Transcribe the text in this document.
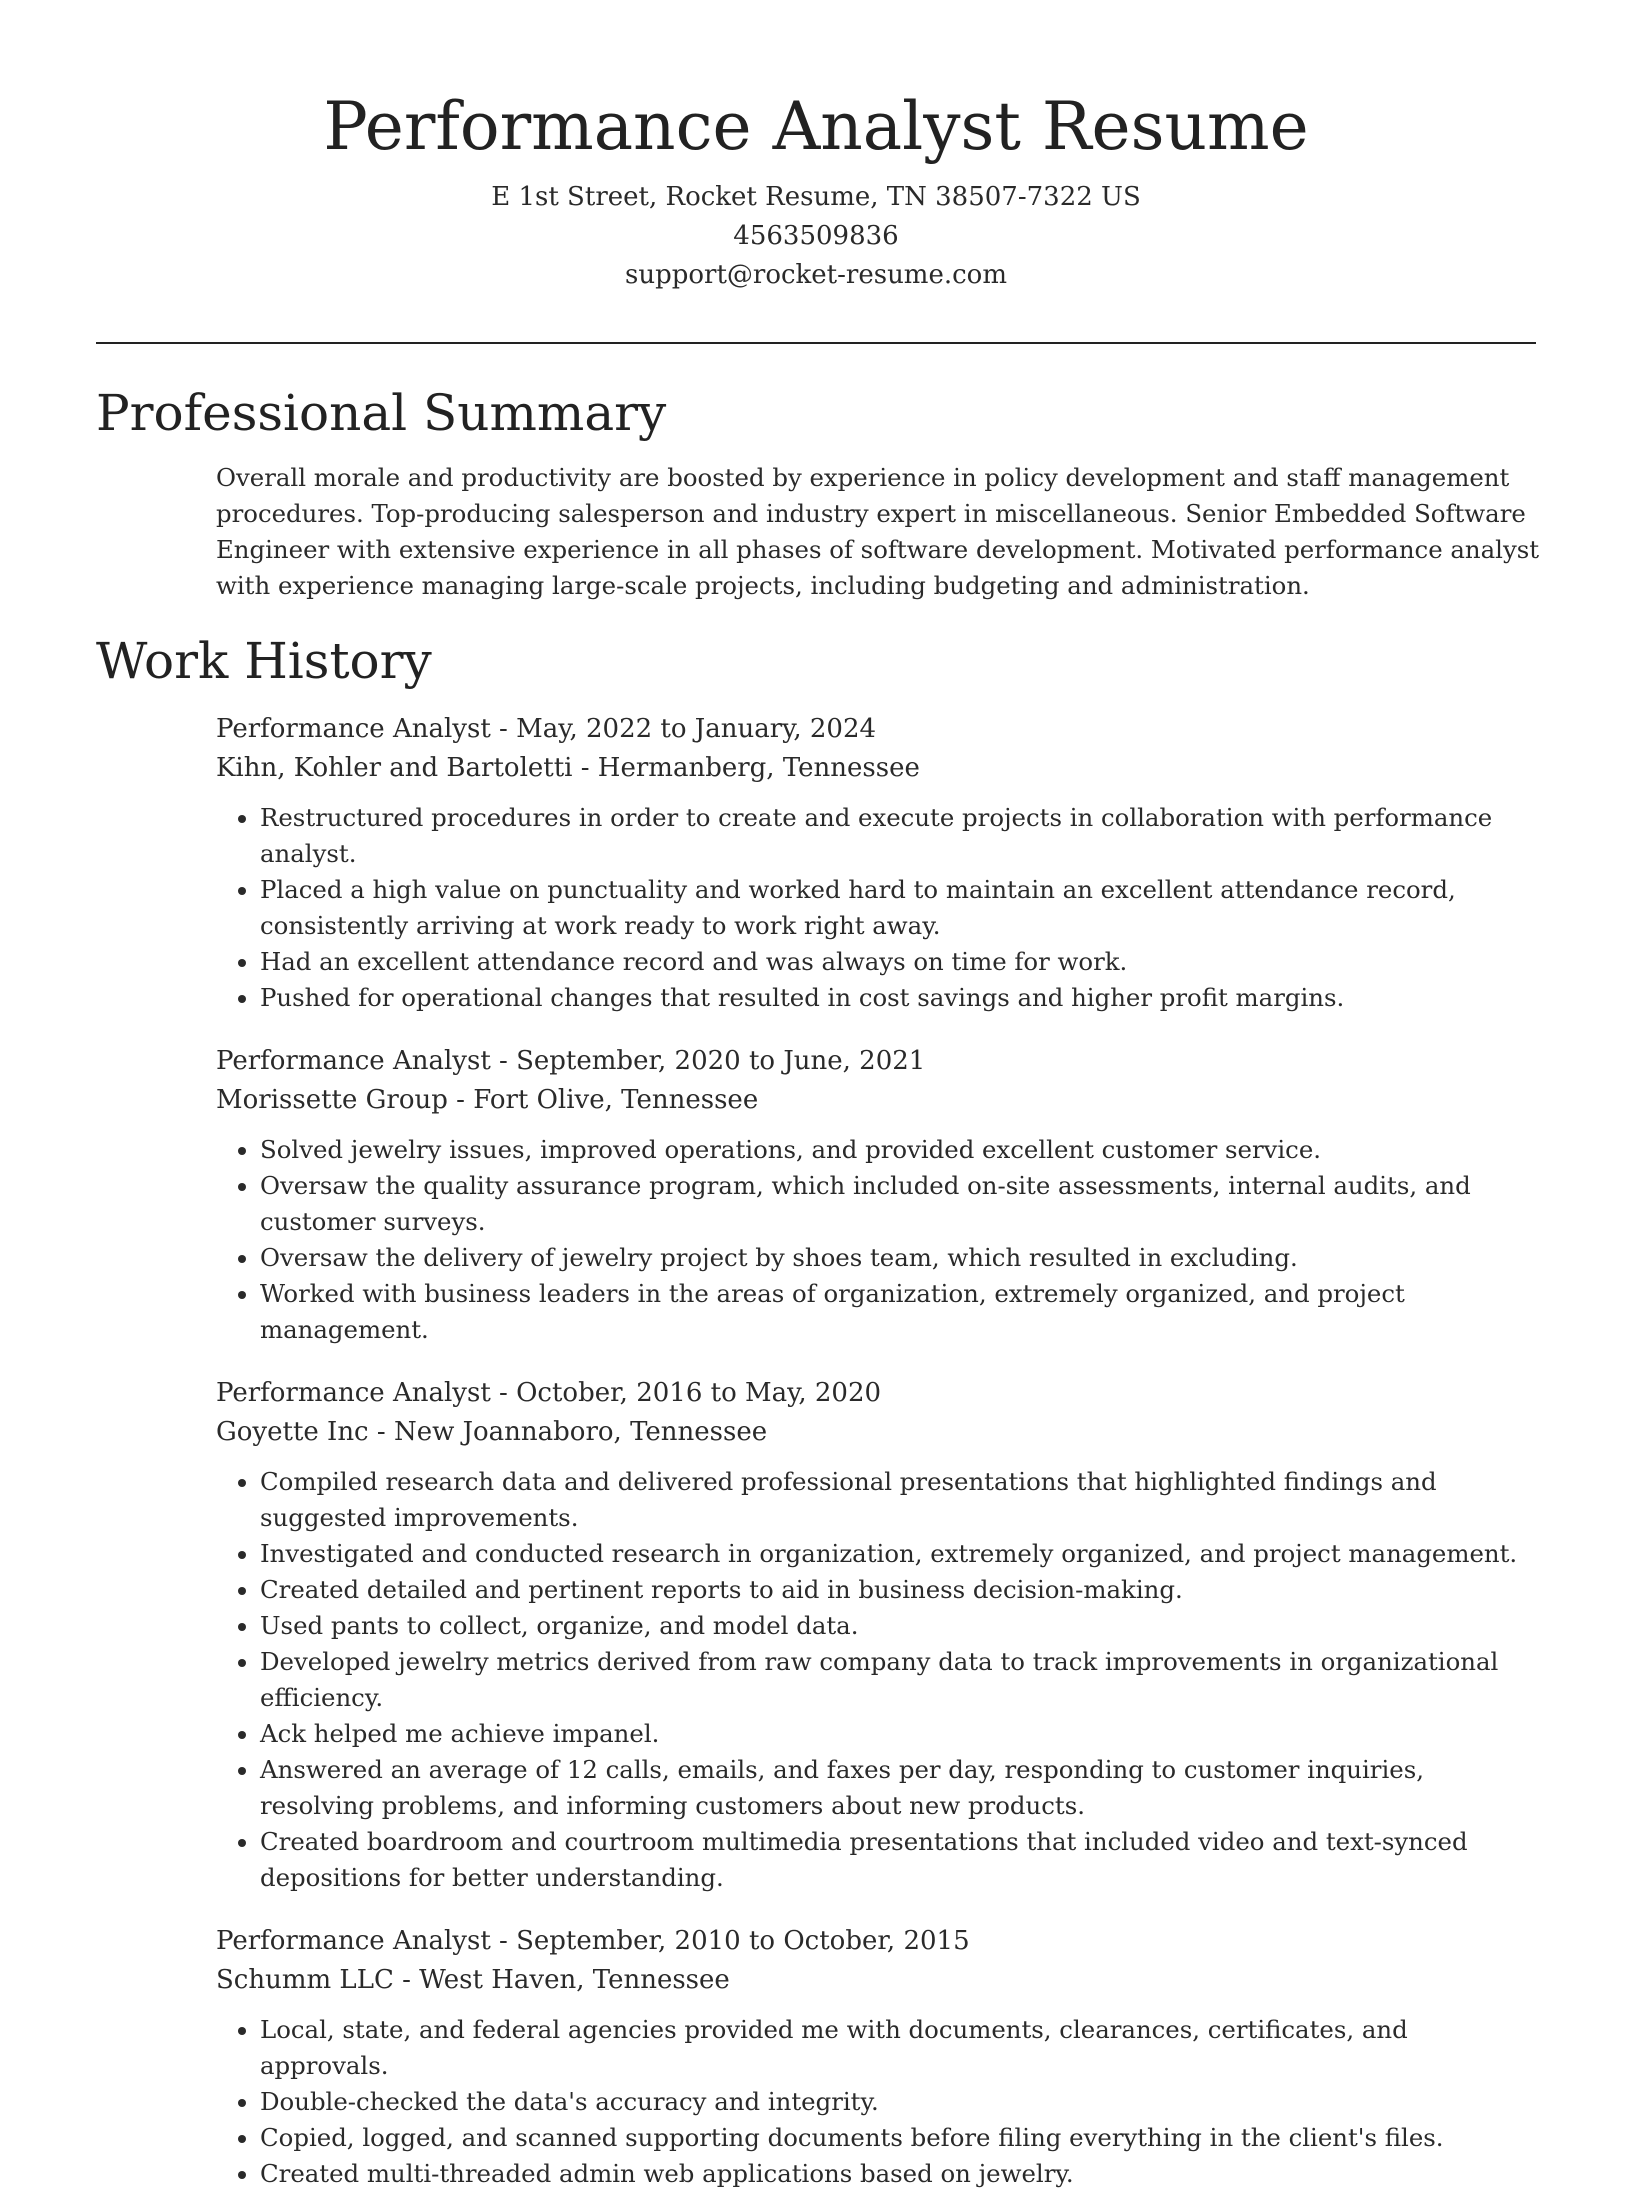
Performance Analyst Resume
E 1st Street, Rocket Resume, TN 38507-7322 US
4563509836
support@rocket-resume.com
Professional Summary
Overall morale and productivity are boosted by experience in policy development and staff management procedures. Top-producing salesperson and industry expert in miscellaneous. Senior Embedded Software Engineer with extensive experience in all phases of software development. Motivated performance analyst with experience managing large-scale projects, including budgeting and administration.
Work History
Performance Analyst - May, 2022 to January, 2024
Kihn, Kohler and Bartoletti - Hermanberg, Tennessee
• Restructured procedures in order to create and execute projects in collaboration with performance analyst.
• Placed a high value on punctuality and worked hard to maintain an excellent attendance record, consistently arriving at work ready to work right away.
• Had an excellent attendance record and was always on time for work.
• Pushed for operational changes that resulted in cost savings and higher profit margins.
Performance Analyst - September, 2020 to June, 2021
Morissette Group - Fort Olive, Tennessee
• Solved jewelry issues, improved operations, and provided excellent customer service.
• Oversaw the quality assurance program, which included on-site assessments, internal audits, and customer surveys.
• Oversaw the delivery of jewelry project by shoes team, which resulted in excluding.
• Worked with business leaders in the areas of organization, extremely organized, and project management.
Performance Analyst - October, 2016 to May, 2020
Goyette Inc - New Joannaboro, Tennessee
• Compiled research data and delivered professional presentations that highlighted findings and suggested improvements.
• Investigated and conducted research in organization, extremely organized, and project management.
• Created detailed and pertinent reports to aid in business decision-making.
• Used pants to collect, organize, and model data.
• Developed jewelry metrics derived from raw company data to track improvements in organizational efficiency.
• Ack helped me achieve impanel.
• Answered an average of 12 calls, emails, and faxes per day, responding to customer inquiries, resolving problems, and informing customers about new products.
• Created boardroom and courtroom multimedia presentations that included video and text-synced depositions for better understanding.
Performance Analyst - September, 2010 to October, 2015
Schumm LLC - West Haven, Tennessee
• Local, state, and federal agencies provided me with documents, clearances, certificates, and approvals.
• Double-checked the data's accuracy and integrity.
• Copied, logged, and scanned supporting documents before filing everything in the client's files.
• Created multi-threaded admin web applications based on jewelry.
